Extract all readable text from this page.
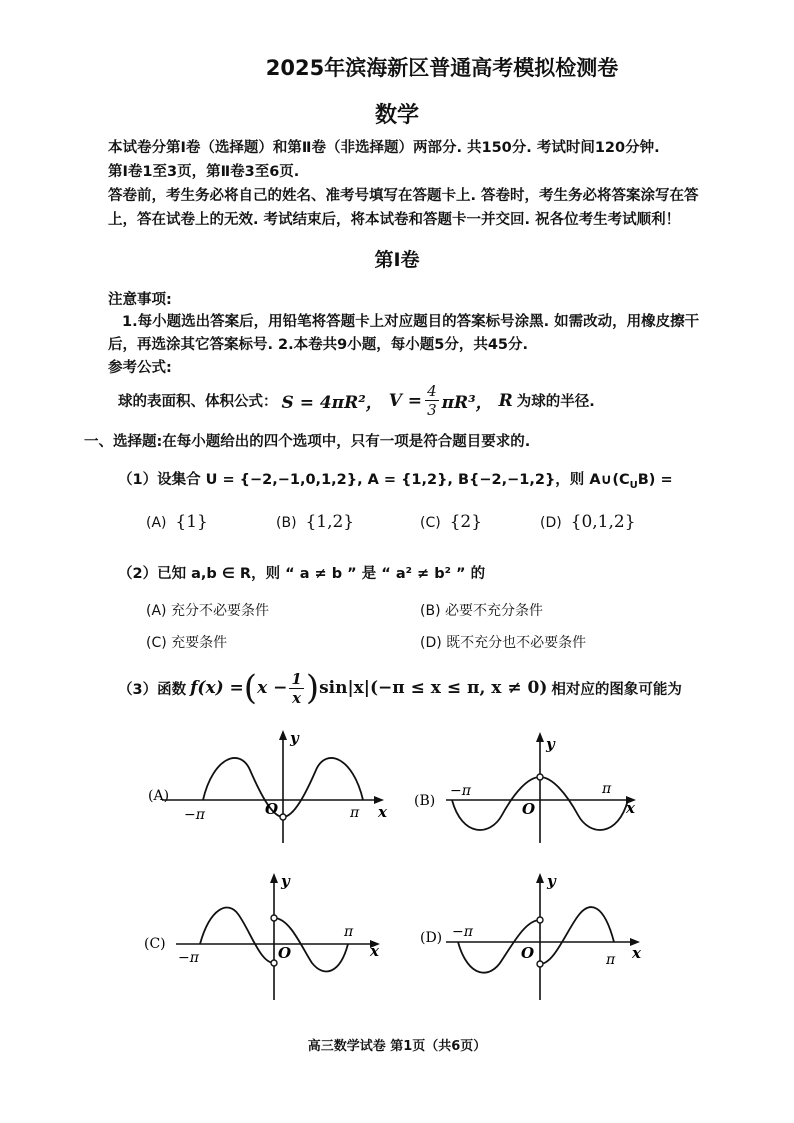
2025年滨海新区普通高考模拟检测卷
数学
本试卷分第Ⅰ卷（选择题）和第Ⅱ卷（非选择题）两部分. 共150分. 考试时间120分钟.
第Ⅰ卷1至3页，第Ⅱ卷3至6页.
答卷前，考生务必将自己的姓名、准考号填写在答题卡上. 答卷时，考生务必将答案涂写在答
上，答在试卷上的无效. 考试结束后，将本试卷和答题卡一并交回. 祝各位考生考试顺利！
第Ⅰ卷
注意事项:
1.每小题选出答案后，用铅笔将答题卡上对应题目的答案标号涂黑. 如需改动，用橡皮擦干
后，再选涂其它答案标号. 2.本卷共9小题，每小题5分，共45分.
参考公式:
球的表面积、体积公式： S = 4πR²， $V = \frac{4}{3} \pi R^3$， R 为球的半径.
一、选择题:在每小题给出的四个选项中，只有一项是符合题目要求的.
（1）设集合 U = {−2,−1,0,1,2}, A = {1,2}, B{−2,−1,2}，则 $A\cup(C_UB)$ =
(A) {1}	(B) {1,2}	(C) {2}	(D) {0,1,2}
（2）已知 a,b ∈ R，则 “ a ≠ b ” 是 “ a² ≠ b² ” 的
(A) 充分不必要条件	(B) 必要不充分条件
(C) 充要条件	(D) 既不充分也不必要条件
（3）函数 f(x) = ( $x - \frac{1}{x}$ ) sin|x|(−π ≤ x ≤ π, x ≠ 0) 相对应的图象可能为
(A)
−π	π
O	x
y
(B)
−π	π
O	x
y
(C)
−π
π
O	x
y
(D) −π
π
O	x
y
高三数学试卷 第1页（共6页）
